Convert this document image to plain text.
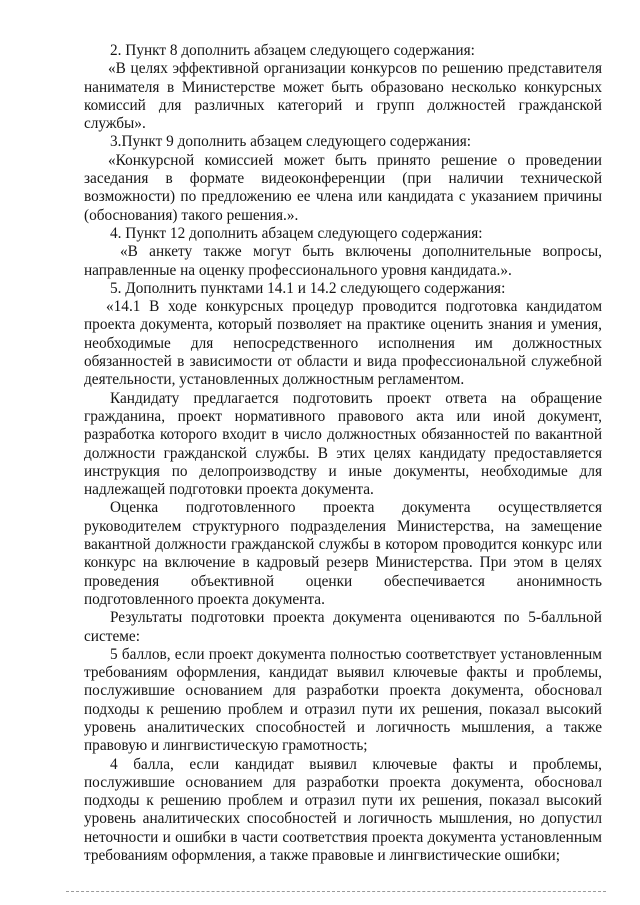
2. Пункт 8 дополнить абзацем следующего содержания:

«В целях эффективной организации конкурсов по решению представителя нанимателя в Министерстве может быть образовано несколько конкурсных комиссий для различных категорий и групп должностей гражданской службы».

3.Пункт 9 дополнить абзацем следующего содержания:

«Конкурсной комиссией может быть принято решение о проведении заседания в формате видеоконференции (при наличии технической возможности) по предложению ее члена или кандидата с указанием причины (обоснования) такого решения.».

4. Пункт 12 дополнить абзацем следующего содержания:

«В анкету также могут быть включены дополнительные вопросы, направленные на оценку профессионального уровня кандидата.».

5. Дополнить пунктами 14.1 и 14.2 следующего содержания:

«14.1 В ходе конкурсных процедур проводится подготовка кандидатом проекта документа, который позволяет на практике оценить знания и умения, необходимые для непосредственного исполнения им должностных обязанностей в зависимости от области и вида профессиональной служебной деятельности, установленных должностным регламентом.

Кандидату предлагается подготовить проект ответа на обращение гражданина, проект нормативного правового акта или иной документ, разработка которого входит в число должностных обязанностей по вакантной должности гражданской службы. В этих целях кандидату предоставляется инструкция по делопроизводству и иные документы, необходимые для надлежащей подготовки проекта документа.

Оценка подготовленного проекта документа осуществляется руководителем структурного подразделения Министерства, на замещение вакантной должности гражданской службы в котором проводится конкурс или конкурс на включение в кадровый резерв Министерства. При этом в целях проведения объективной оценки обеспечивается анонимность подготовленного проекта документа.

Результаты подготовки проекта документа оцениваются по 5-балльной системе:

5 баллов, если проект документа полностью соответствует установленным требованиям оформления, кандидат выявил ключевые факты и проблемы, послужившие основанием для разработки проекта документа, обосновал подходы к решению проблем и отразил пути их решения, показал высокий уровень аналитических способностей и логичность мышления, а также правовую и лингвистическую грамотность;

4 балла, если кандидат выявил ключевые факты и проблемы, послужившие основанием для разработки проекта документа, обосновал подходы к решению проблем и отразил пути их решения, показал высокий уровень аналитических способностей и логичность мышления, но допустил неточности и ошибки в части соответствия проекта документа установленным требованиям оформления, а также правовые и лингвистические ошибки;
